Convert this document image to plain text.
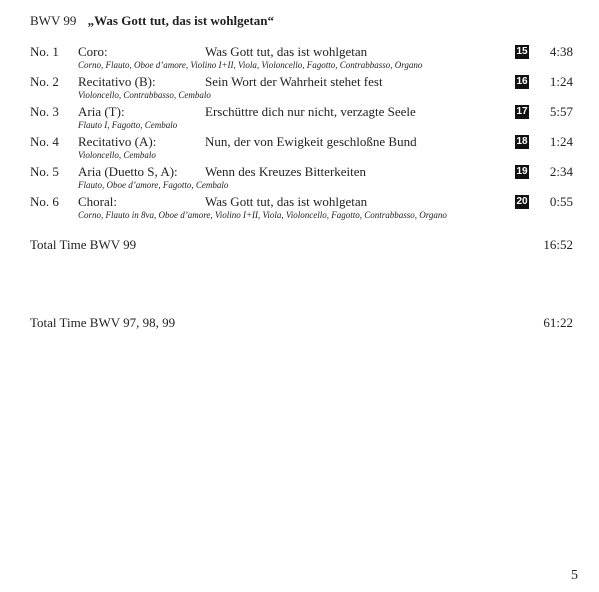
BWV 99 „Was Gott tut, das ist wohlgetan“
No. 1 Coro:	Was Gott tut, das ist wohlgetan
Corno, Flauto, Oboe d’amore, Violino I+II, Viola, Violoncello, Fagotto, Contrabbasso, Organo
15 4:38
No. 2 Recitativo (B):	Sein Wort der Wahrheit stehet fest
Violoncello, Contrabbasso, Cembalo
16 1:24
No. 3 Aria (T):	Erschüttre dich nur nicht, verzagte Seele
Flauto I, Fagotto, Cembalo
17 5:57
No. 4 Recitativo (A):	Nun, der von Ewigkeit geschloßne Bund
Violoncello, Cembalo
18 1:24
No. 5 Aria (Duetto S, A): Wenn des Kreuzes Bitterkeiten
Flauto, Oboe d’amore, Fagotto, Cembalo
19 2:34
No. 6 Choral:	Was Gott tut, das ist wohlgetan
Corno, Flauto in 8va, Oboe d’amore, Violino I+II, Viola, Violoncello, Fagotto, Contrabbasso, Organo
20 0:55
Total Time BWV 99	16:52
Total Time BWV 97, 98, 99	61:22
5
